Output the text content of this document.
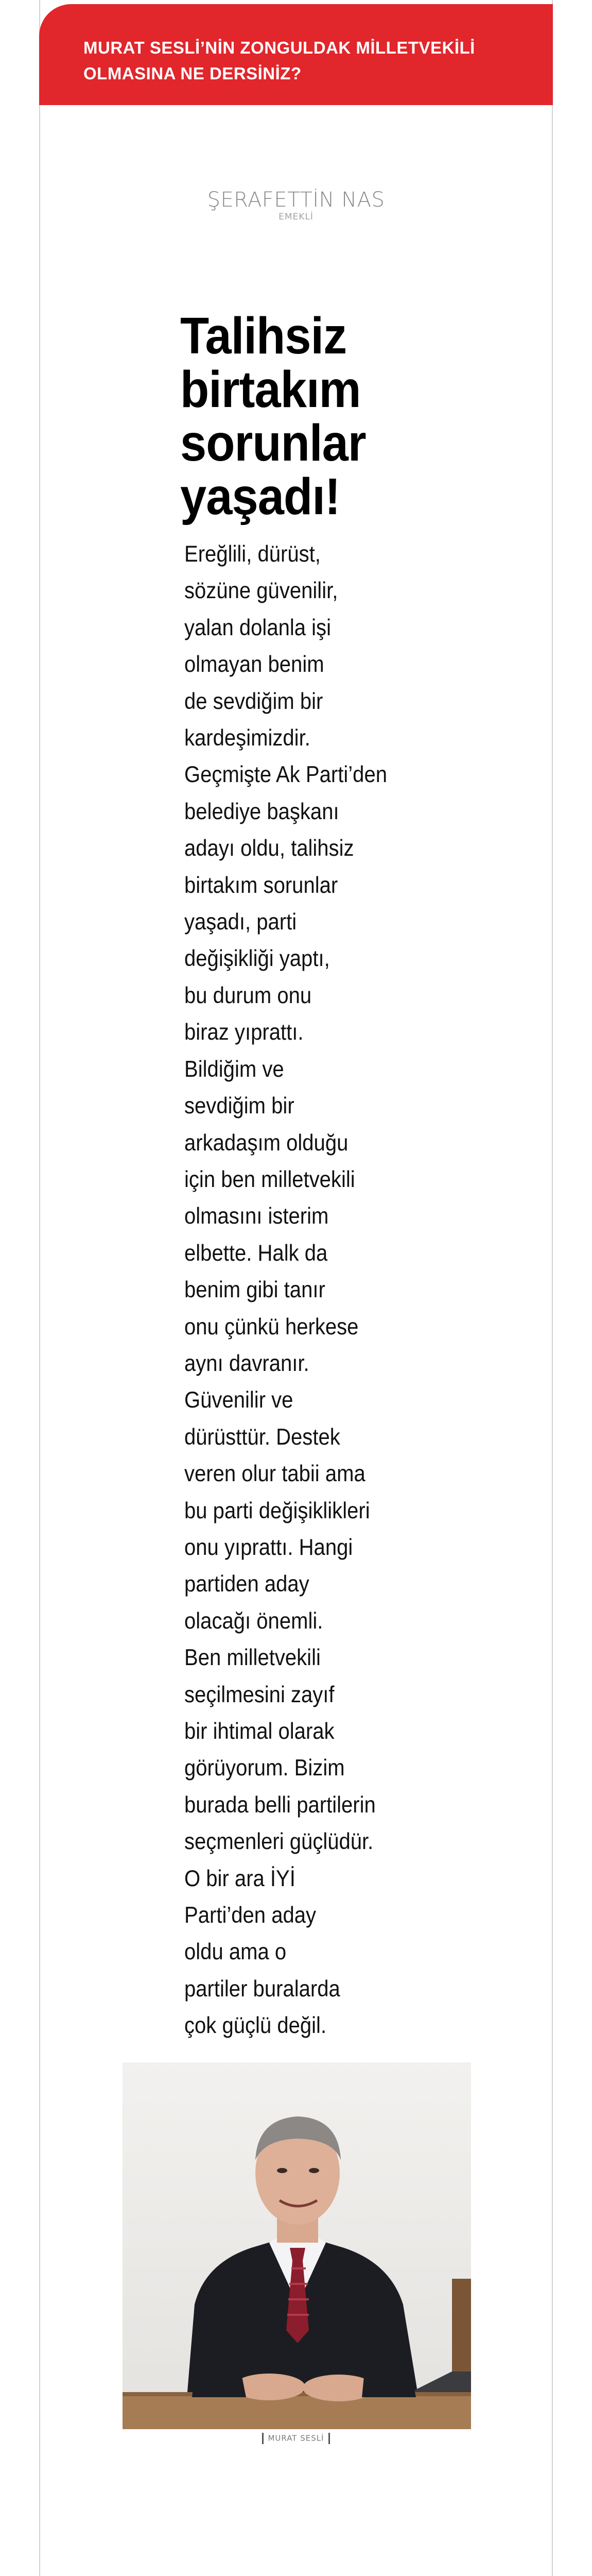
MURAT SESLİ’NİN ZONGULDAK MİLLETVEKİLİ
OLMASINA NE DERSİNİZ?
ŞERAFETTİN NAS
EMEKLİ
Talihsiz
birtakım
sorunlar
yaşadı!
Ereğlili, dürüst,
sözüne güvenilir,
yalan dolanla işi
olmayan benim
de sevdiğim bir
kardeşimizdir.
Geçmişte Ak Parti’den
belediye başkanı
adayı oldu, talihsiz
birtakım sorunlar
yaşadı, parti
değişikliği yaptı,
bu durum onu
biraz yıprattı.
Bildiğim ve
sevdiğim bir
arkadaşım olduğu
için ben milletvekili
olmasını isterim
elbette. Halk da
benim gibi tanır
onu çünkü herkese
aynı davranır.
Güvenilir ve
dürüsttür. Destek
veren olur tabii ama
bu parti değişiklikleri
onu yıprattı. Hangi
partiden aday
olacağı önemli.
Ben milletvekili
seçilmesini zayıf
bir ihtimal olarak
görüyorum. Bizim
burada belli partilerin
seçmenleri güçlüdür.
O bir ara İYİ
Parti’den aday
oldu ama o
partiler buralarda
çok güçlü değil.
MURAT SESLİ
